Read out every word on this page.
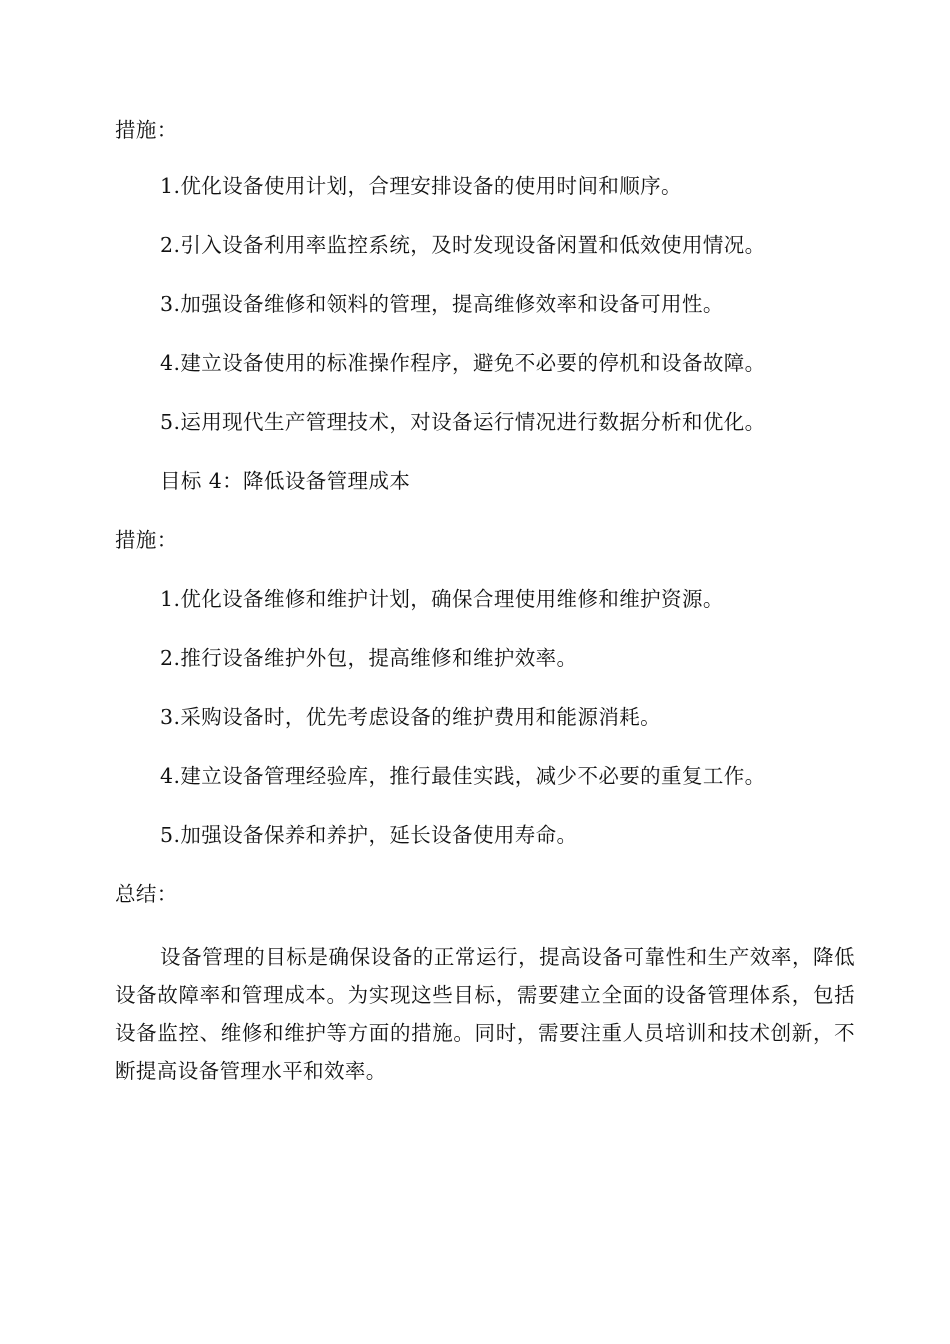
措施：
1.优化设备使用计划，合理安排设备的使用时间和顺序。
2.引入设备利用率监控系统，及时发现设备闲置和低效使用情况。
3.加强设备维修和领料的管理，提高维修效率和设备可用性。
4.建立设备使用的标准操作程序，避免不必要的停机和设备故障。
5.运用现代生产管理技术，对设备运行情况进行数据分析和优化。
目标 4：降低设备管理成本
措施：
1.优化设备维修和维护计划，确保合理使用维修和维护资源。
2.推行设备维护外包，提高维修和维护效率。
3.采购设备时，优先考虑设备的维护费用和能源消耗。
4.建立设备管理经验库，推行最佳实践，减少不必要的重复工作。
5.加强设备保养和养护，延长设备使用寿命。
总结：
设备管理的目标是确保设备的正常运行，提高设备可靠性和生产效率，降低设备故障率和管理成本。为实现这些目标，需要建立全面的设备管理体系，包括设备监控、维修和维护等方面的措施。同时，需要注重人员培训和技术创新，不断提高设备管理水平和效率。
